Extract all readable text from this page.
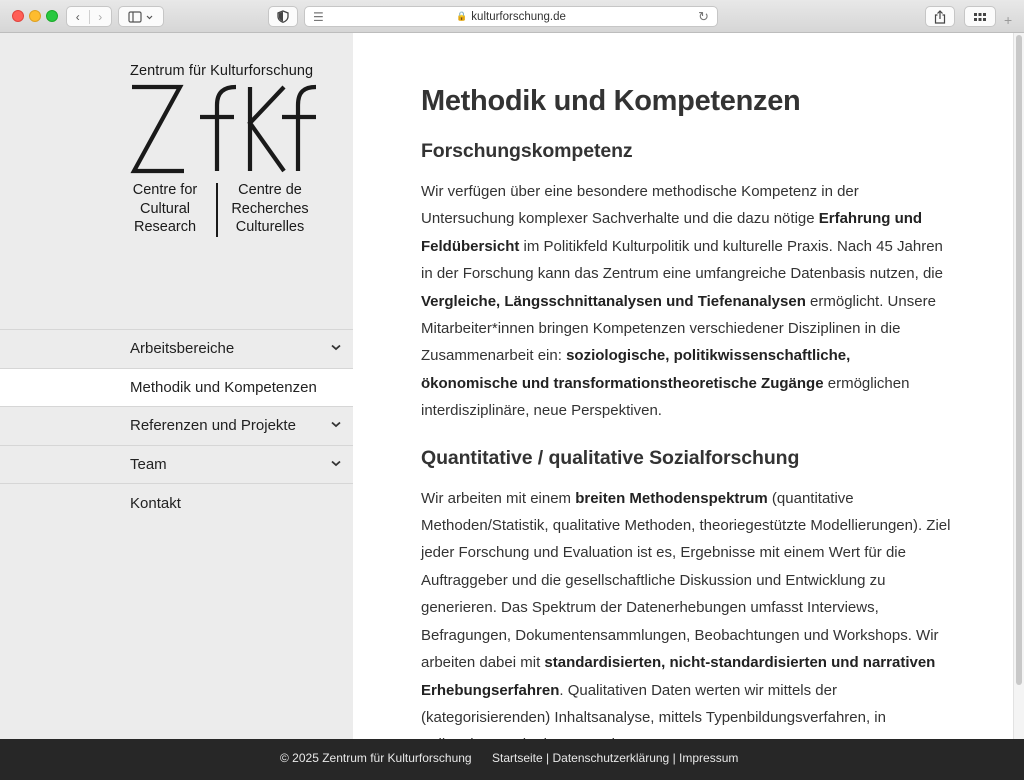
‹	›	☰	🔒 kulturforschung.de	↻	+
Zentrum für Kulturforschung
Centre for
Cultural
Research
Centre de
Recherches
Culturelles
Arbeitsbereiche
Methodik und Kompetenzen
Referenzen und Projekte
Team
Kontakt
Methodik und Kompetenzen
Forschungskompetenz

Wir verfügen über eine besondere methodische Kompetenz in der Untersuchung komplexer Sachverhalte und die dazu nötige Erfahrung und Feldübersicht im Politikfeld Kulturpolitik und kulturelle Praxis. Nach 45 Jahren in der Forschung kann das Zentrum eine umfangreiche Datenbasis nutzen, die Vergleiche, Längsschnittanalysen und Tiefenanalysen ermöglicht. Unsere Mitarbeiter*innen bringen Kompetenzen verschiedener Disziplinen in die Zusammenarbeit ein: soziologische, politikwissenschaftliche, ökonomische und transformationstheoretische Zugänge ermöglichen interdisziplinäre, neue Perspektiven.

Quantitative / qualitative Sozialforschung

Wir arbeiten mit einem breiten Methodenspektrum (quantitative Methoden/Statistik, qualitative Methoden, theoriegestützte Modellierungen). Ziel jeder Forschung und Evaluation ist es, Ergebnisse mit einem Wert für die Auftraggeber und die gesellschaftliche Diskussion und Entwicklung zu generieren. Das Spektrum der Datenerhebungen umfasst Interviews, Befragungen, Dokumentensammlungen, Beobachtungen und Workshops. Wir arbeiten dabei mit standardisierten, nicht-standardisierten und narrativen Erhebungserfahren. Qualitativen Daten werten wir mittels der (kategorisierenden) Inhaltsanalyse, mittels Typenbildungsverfahren, in

© 2025 Zentrum für Kulturforschung Startseite | Datenschutzerklärung | Impressum
